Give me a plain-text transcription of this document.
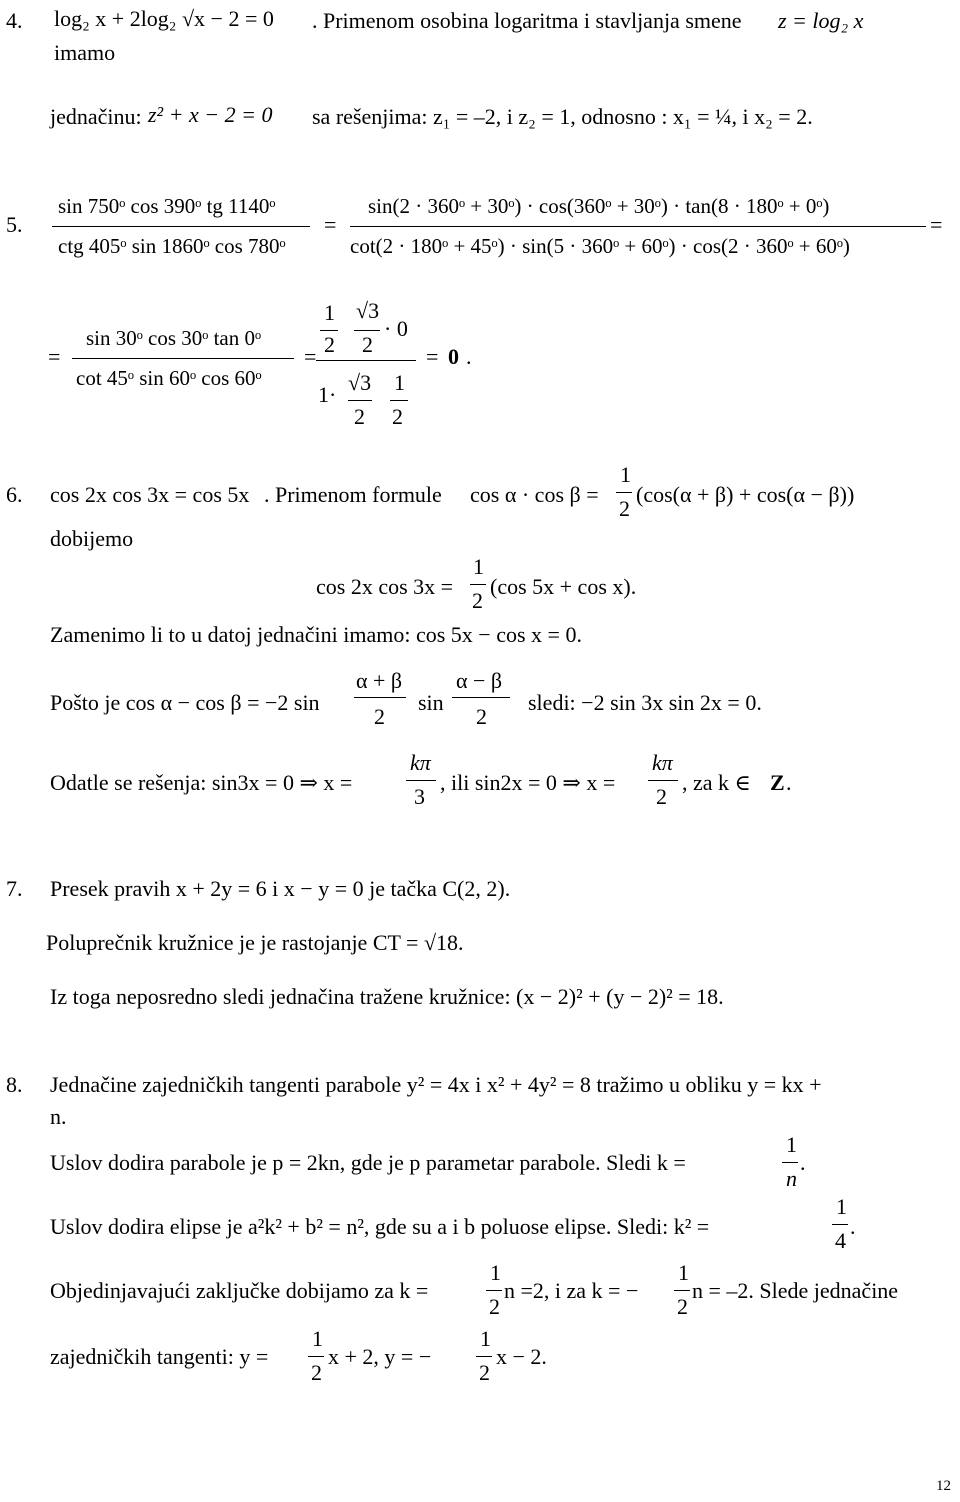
4. log₂ x + 2log₂ √x − 2 = 0 . Primenom osobina logaritma i stavljanja smene z = log₂ x
imamo
jednačinu: z² + x − 2 = 0 sa rešenjima: z₁ = –2, i z₂ = 1, odnosno : x₁ = ¼, i x₂ = 2.
5.
sin 750ᵒ cos 390ᵒ tg 1140ᵒ
ctg 405ᵒ sin 1860ᵒ cos 780ᵒ
=
sin(2 · 360ᵒ + 30ᵒ) · cos(360ᵒ + 30ᵒ) · tan(8 · 180ᵒ + 0ᵒ)
cot(2 · 180ᵒ + 45ᵒ) · sin(5 · 360ᵒ + 60ᵒ) · cos(2 · 360ᵒ + 60ᵒ)
=
=
sin 30ᵒ cos 30ᵒ tan 0ᵒ
cot 45ᵒ sin 60ᵒ cos 60ᵒ
=
1 √3
· 0
2 2
1· √3 1
2 2
= 0 .
6. cos 2x cos 3x = cos 5x . Primenom formule cos α · cos β =
1
2
(cos(α + β) + cos(α − β))
dobijemo
cos 2x cos 3x =
1
2
(cos 5x + cos x).
Zamenimo li to u datoj jednačini imamo: cos 5x − cos x = 0.
Pošto je cos α − cos β = −2 sin
α + β
2
sin
α − β
2
sledi: −2 sin 3x sin 2x = 0.
Odatle se rešenja: sin3x = 0 ⇒ x =
kπ
3
, ili sin2x = 0 ⇒ x =
kπ
2
, za k ∈ Z .
7. Presek pravih x + 2y = 6 i x − y = 0 je tačka C(2, 2).
Poluprečnik kružnice je je rastojanje CT = √18.
Iz toga neposredno sledi jednačina tražene kružnice: (x − 2)² + (y − 2)² = 18.
8. Jednačine zajedničkih tangenti parabole y² = 4x i x² + 4y² = 8 tražimo u obliku y = kx +
n.
Uslov dodira parabole je p = 2kn, gde je p parametar parabole. Sledi k =
1
n
.
Uslov dodira elipse je a²k² + b² = n², gde su a i b poluose elipse. Sledi: k² =
1
4
.
Objedinjavajući zaključke dobijamo za k =
1
2
n =2, i za k = −
1
2
n = –2. Slede jednačine
zajedničkih tangenti: y =
1
2
x + 2, y = −
1
2
x − 2.
12
